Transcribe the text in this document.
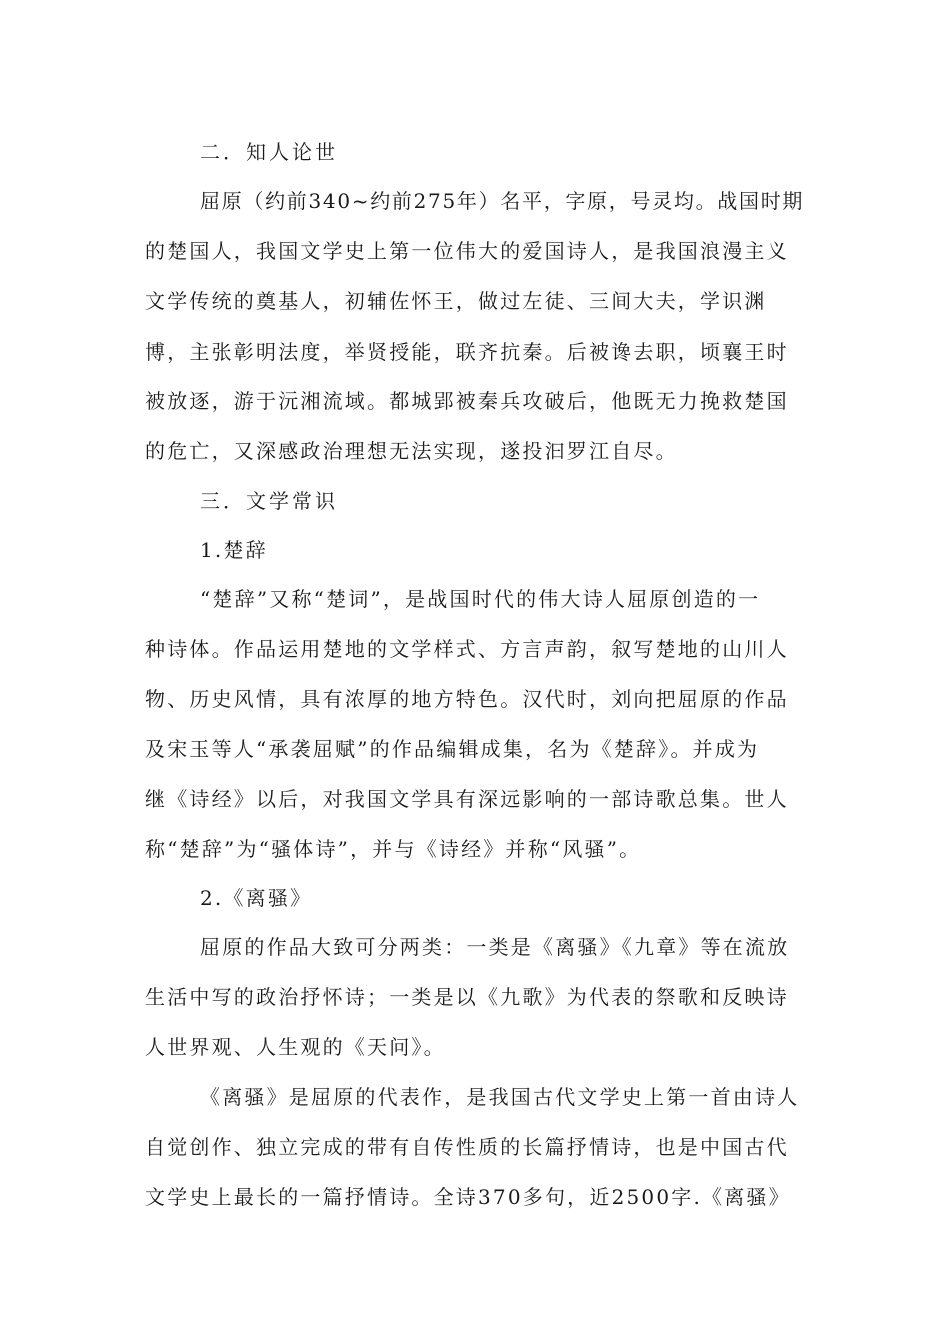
二．知人论世
屈原（约前340~约前275年）名平，字原，号灵均。战国时期
的楚国人，我国文学史上第一位伟大的爱国诗人，是我国浪漫主义
文学传统的奠基人，初辅佐怀王，做过左徒、三间大夫，学识渊
博，主张彰明法度，举贤授能，联齐抗秦。后被谗去职，顷襄王时
被放逐，游于沅湘流域。都城郢被秦兵攻破后，他既无力挽救楚国
的危亡，又深感政治理想无法实现，遂投汩罗江自尽。
三．文学常识
1.楚辞
“楚辞”又称“楚词”，是战国时代的伟大诗人屈原创造的一
种诗体。作品运用楚地的文学样式、方言声韵，叙写楚地的山川人
物、历史风情，具有浓厚的地方特色。汉代时，刘向把屈原的作品
及宋玉等人“承袭屈赋”的作品编辑成集，名为《楚辞》。并成为
继《诗经》以后，对我国文学具有深远影响的一部诗歌总集。世人
称“楚辞”为“骚体诗”，并与《诗经》并称“风骚”。
2.《离骚》
屈原的作品大致可分两类：一类是《离骚》《九章》等在流放
生活中写的政治抒怀诗；一类是以《九歌》为代表的祭歌和反映诗
人世界观、人生观的《天问》。
《离骚》是屈原的代表作，是我国古代文学史上第一首由诗人
自觉创作、独立完成的带有自传性质的长篇抒情诗，也是中国古代
文学史上最长的一篇抒情诗。全诗370多句，近2500字.《离骚》
